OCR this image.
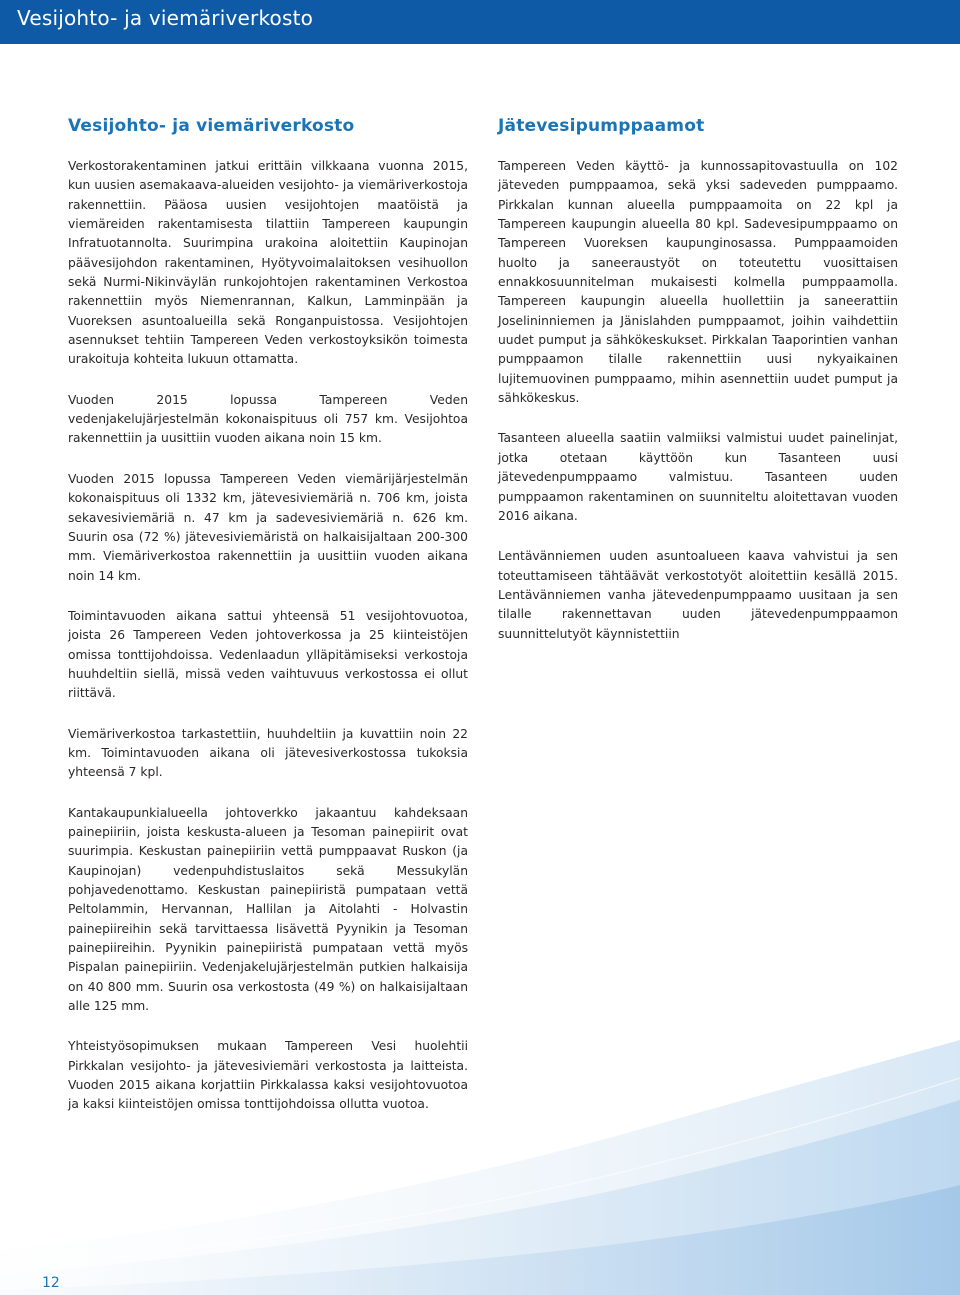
Vesijohto- ja viemäriverkosto
Vesijohto- ja viemäriverkosto

Verkostorakentaminen jatkui erittäin vilkkaana vuonna 2015, kun uusien asemakaava-alueiden vesijohto- ja viemäriverkostoja rakennettiin. Pääosa uusien vesijohtojen maatöistä ja viemäreiden rakentamisesta tilattiin Tampereen kaupungin Infratuotannolta. Suurimpina urakoina aloitettiin Kaupinojan päävesijohdon rakentaminen, Hyötyvoimalaitoksen vesihuollon sekä Nurmi-Nikinväylän runkojohtojen rakentaminen Verkostoa rakennettiin myös Niemenrannan, Kalkun, Lamminpään ja Vuoreksen asuntoalueilla sekä Ronganpuistossa. Vesijohtojen asennukset tehtiin Tampereen Veden verkostoyksikön toimesta urakoituja kohteita lukuun ottamatta.

Vuoden 2015 lopussa Tampereen Veden vedenjakelujärjestelmän kokonaispituus oli 757 km. Vesijohtoa rakennettiin ja uusittiin vuoden aikana noin 15 km.

Vuoden 2015 lopussa Tampereen Veden viemärijärjestelmän kokonaispituus oli 1332 km, jätevesiviemäriä n. 706 km, joista sekavesiviemäriä n. 47 km ja sadevesiviemäriä n. 626 km. Suurin osa (72 %) jätevesiviemäristä on halkaisijaltaan 200-300 mm. Viemäriverkostoa rakennettiin ja uusittiin vuoden aikana noin 14 km.

Toimintavuoden aikana sattui yhteensä 51 vesijohtovuotoa, joista 26 Tampereen Veden johtoverkossa ja 25 kiinteistöjen omissa tonttijohdoissa. Vedenlaadun ylläpitämiseksi verkostoja huuhdeltiin siellä, missä veden vaihtuvuus verkostossa ei ollut riittävä.

Viemäriverkostoa tarkastettiin, huuhdeltiin ja kuvattiin noin 22 km. Toimintavuoden aikana oli jätevesiverkostossa tukoksia yhteensä 7 kpl.

Kantakaupunkialueella johtoverkko jakaantuu kahdeksaan painepiiriin, joista keskusta-alueen ja Tesoman painepiirit ovat suurimpia. Keskustan painepiiriin vettä pumppaavat Ruskon (ja Kaupinojan) vedenpuhdistuslaitos sekä Messukylän pohjavedenottamo. Keskustan painepiiristä pumpataan vettä Peltolammin, Hervannan, Hallilan ja Aitolahti - Holvastin painepiireihin sekä tarvittaessa lisävettä Pyynikin ja Tesoman painepiireihin. Pyynikin painepiiristä pumpataan vettä myös Pispalan painepiiriin. Vedenjakelujärjestelmän putkien halkaisija on 40 800 mm. Suurin osa verkostosta (49 %) on halkaisijaltaan alle 125 mm.

Yhteistyösopimuksen mukaan Tampereen Vesi huolehtii Pirkkalan vesijohto- ja jätevesiviemäri verkostosta ja laitteista. Vuoden 2015 aikana korjattiin Pirkkalassa kaksi vesijohtovuotoa ja kaksi kiinteistöjen omissa tonttijohdoissa ollutta vuotoa.

Jätevesipumppaamot

Tampereen Veden käyttö- ja kunnossapitovastuulla on 102 jäteveden pumppaamoa, sekä yksi sadeveden pumppaamo. Pirkkalan kunnan alueella pumppaamoita on 22 kpl ja Tampereen kaupungin alueella 80 kpl. Sadevesipumppaamo on Tampereen Vuoreksen kaupunginosassa. Pumppaamoiden huolto ja saneeraustyöt on toteutettu vuosittaisen ennakkosuunnitelman mukaisesti kolmella pumppaamolla. Tampereen kaupungin alueella huollettiin ja saneerattiin Joselininniemen ja Jänislahden pumppaamot, joihin vaihdettiin uudet pumput ja sähkökeskukset. Pirkkalan Taaporintien vanhan pumppaamon tilalle rakennettiin uusi nykyaikainen lujitemuovinen pumppaamo, mihin asennettiin uudet pumput ja sähkökeskus.

Tasanteen alueella saatiin valmiiksi valmistui uudet painelinjat, jotka otetaan käyttöön kun Tasanteen uusi jätevedenpumppaamo valmistuu. Tasanteen uuden pumppaamon rakentaminen on suunniteltu aloitettavan vuoden 2016 aikana.

Lentävänniemen uuden asuntoalueen kaava vahvistui ja sen toteuttamiseen tähtäävät verkostotyöt aloitettiin kesällä 2015. Lentävänniemen vanha jätevedenpumppaamo uusitaan ja sen tilalle rakennettavan uuden jätevedenpumppaamon suunnittelutyöt käynnistettiin

12
